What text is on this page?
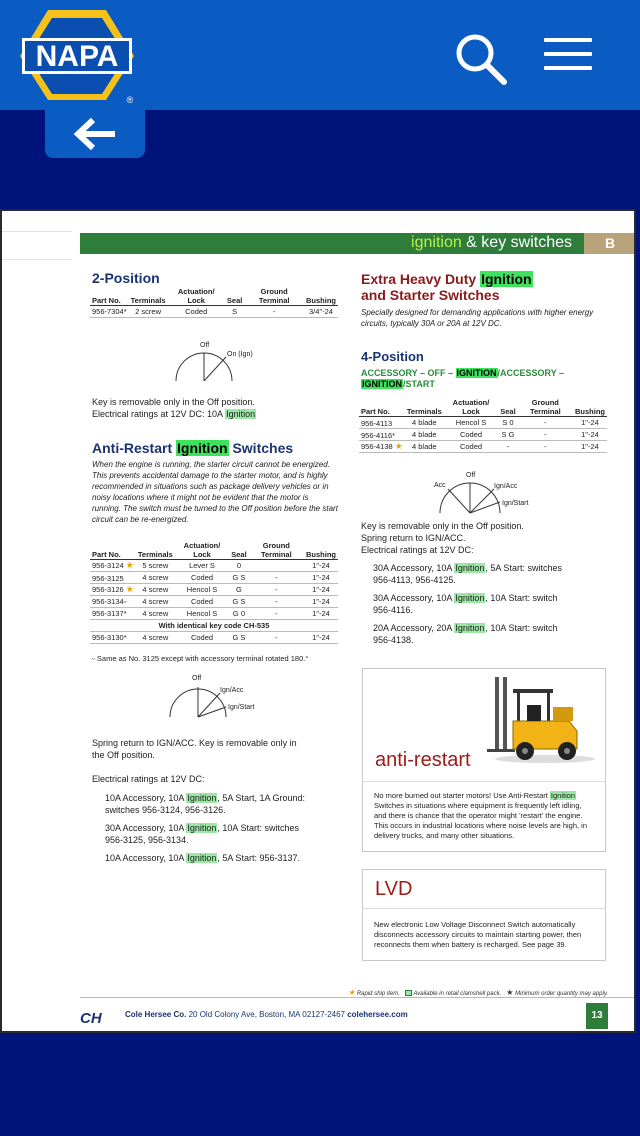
NAPA
®
ignition & key switches	B
2-Position
Part No.	Terminals	Actuation/ Lock	Seal	Ground Terminal	Bushing
956-7304*	2 screw	Coded	S	-	3/4"-24
Off
On (Ign)
Key is removable only in the Off position.
Electrical ratings at 12V DC: 10A Ignition
Anti-Restart Ignition Switches
When the engine is running, the starter circuit cannot be energized. This prevents accidental damage to the starter motor, and is highly recommended in situations such as package delivery vehicles or in noisy locations where it might not be evident that the motor is running. The switch must be turned to the Off position before the start circuit can be re-energized.
Part No.	Terminals	Actuation/ Lock	Seal	Ground Terminal	Bushing
956-3124 ★	5 screw	Lever S	0		1"-24
956-3125	4 screw	Coded	G S	-	1"-24
956-3126 ★	4 screw	Hencol S	G	-	1"-24
956-3134ᵕ	4 screw	Coded	G S	-	1"-24
956-3137*	4 screw	Hencol S	G 0	-	1"-24
With identical key code CH-535					
956-3130*	4 screw	Coded	G S	-	1"-24
ᵕ Same as No. 3125 except with accessory terminal rotated 180.°
Off
Ign/Acc
Ign/Start
Spring return to IGN/ACC. Key is removable only in the Off position.
Electrical ratings at 12V DC:
10A Accessory, 10A Ignition, 5A Start, 1A Ground: switches 956-3124, 956-3126.
30A Accessory, 10A Ignition, 10A Start: switches 956-3125, 956-3134.
10A Accessory, 10A Ignition, 5A Start: 956-3137.
Extra Heavy Duty Ignition
and Starter Switches
Specially designed for demanding applications with higher energy circuits, typically 30A or 20A at 12V DC.
4-Position
ACCESSORY – OFF – IGNITION/ACCESSORY – IGNITION/START
Part No.	Terminals	Actuation/ Lock	Seal	Ground Terminal	Bushing
956-4113	4 blade	Hencol S	S 0	-	1"-24
956-4116*	4 blade	Coded	S G	-	1"-24
956-4138 ★	4 blade	Coded	-	-	1"-24
Off
Acc	Ign/Acc
Ign/Start
Key is removable only in the Off position.
Spring return to IGN/ACC.
Electrical ratings at 12V DC:
30A Accessory, 10A Ignition, 5A Start: switches 956-4113, 956-4125.
30A Accessory, 10A Ignition, 10A Start: switch 956-4116.
20A Accessory, 20A Ignition, 10A Start: switch 956-4138.
anti-restart
No more burned out starter motors! Use Anti-Restart Ignition Switches in situations where equipment is frequently left idling, and there is chance that the operator might 'restart' the engine. This occurs in industrial locations where noise levels are high, in delivery trucks, and many other situations.
LVD
New electronic Low Voltage Disconnect Switch automatically disconnects accessory circuits to maintain starting power, then reconnects them when battery is recharged. See page 39.
★ Rapid ship item. Available in retail clamshell pack. ★ Minimum order quantity may apply.
CH	Cole Hersee Co. 20 Old Colony Ave, Boston, MA 02127-2467 colehersee.com	13
